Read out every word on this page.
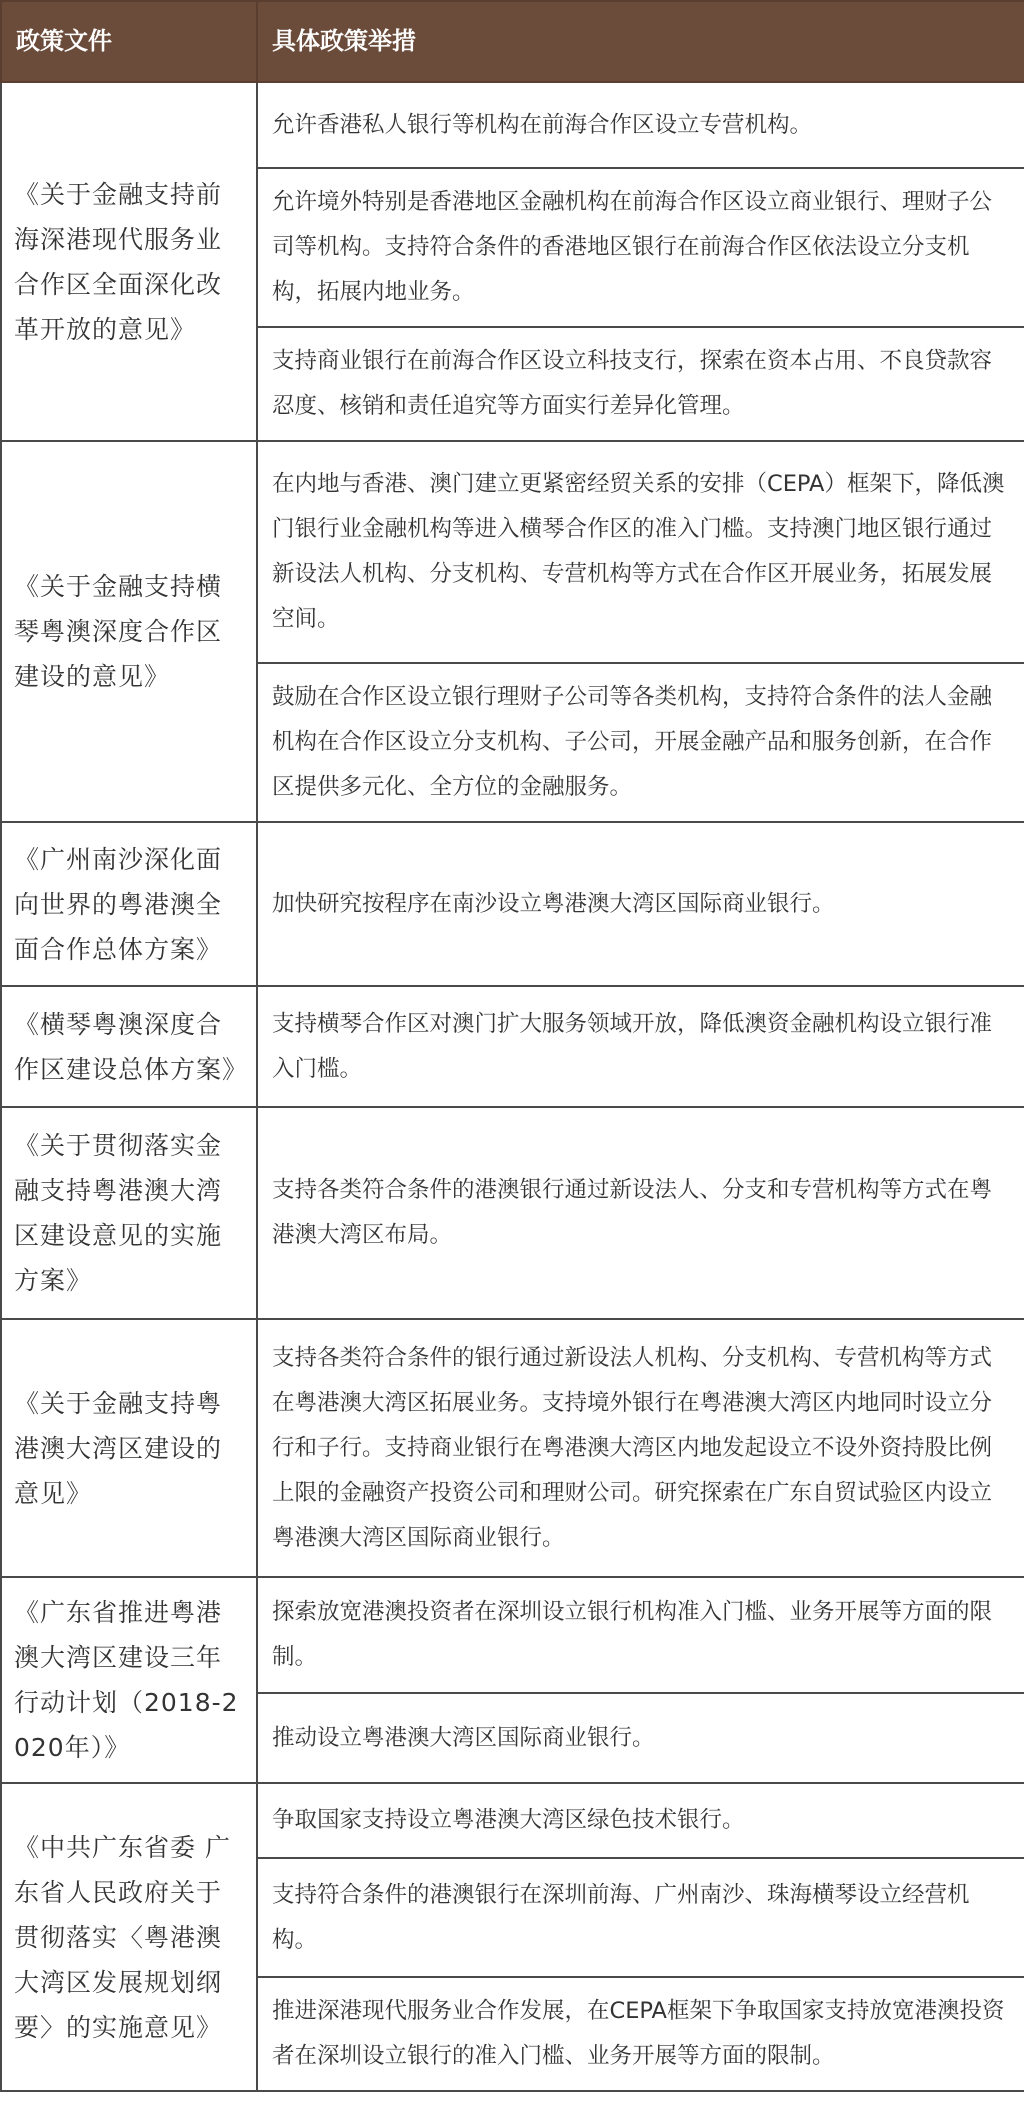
政策文件	具体政策举措
《关于金融支持前海深港现代服务业合作区全面深化改革开放的意见》	允许香港私人银行等机构在前海合作区设立专营机构。
	允许境外特别是香港地区金融机构在前海合作区设立商业银行、理财子公司等机构。支持符合条件的香港地区银行在前海合作区依法设立分支机构，拓展内地业务。
	支持商业银行在前海合作区设立科技支行，探索在资本占用、不良贷款容忍度、核销和责任追究等方面实行差异化管理。
《关于金融支持横琴粤澳深度合作区建设的意见》	在内地与香港、澳门建立更紧密经贸关系的安排（CEPA）框架下，降低澳门银行业金融机构等进入横琴合作区的准入门槛。支持澳门地区银行通过新设法人机构、分支机构、专营机构等方式在合作区开展业务，拓展发展空间。
	鼓励在合作区设立银行理财子公司等各类机构，支持符合条件的法人金融机构在合作区设立分支机构、子公司，开展金融产品和服务创新，在合作区提供多元化、全方位的金融服务。
《广州南沙深化面向世界的粤港澳全面合作总体方案》	加快研究按程序在南沙设立粤港澳大湾区国际商业银行。
《横琴粤澳深度合作区建设总体方案》	支持横琴合作区对澳门扩大服务领域开放，降低澳资金融机构设立银行准入门槛。
《关于贯彻落实金融支持粤港澳大湾区建设意见的实施方案》	支持各类符合条件的港澳银行通过新设法人、分支和专营机构等方式在粤港澳大湾区布局。
《关于金融支持粤港澳大湾区建设的意见》	支持各类符合条件的银行通过新设法人机构、分支机构、专营机构等方式在粤港澳大湾区拓展业务。支持境外银行在粤港澳大湾区内地同时设立分行和子行。支持商业银行在粤港澳大湾区内地发起设立不设外资持股比例上限的金融资产投资公司和理财公司。研究探索在广东自贸试验区内设立粤港澳大湾区国际商业银行。
《广东省推进粤港澳大湾区建设三年行动计划（2018-2020年）》	探索放宽港澳投资者在深圳设立银行机构准入门槛、业务开展等方面的限制。
	推动设立粤港澳大湾区国际商业银行。
《中共广东省委 广东省人民政府关于贯彻落实〈粤港澳大湾区发展规划纲要〉的实施意见》	争取国家支持设立粤港澳大湾区绿色技术银行。
	支持符合条件的港澳银行在深圳前海、广州南沙、珠海横琴设立经营机构。
	推进深港现代服务业合作发展，在CEPA框架下争取国家支持放宽港澳投资者在深圳设立银行的准入门槛、业务开展等方面的限制。
